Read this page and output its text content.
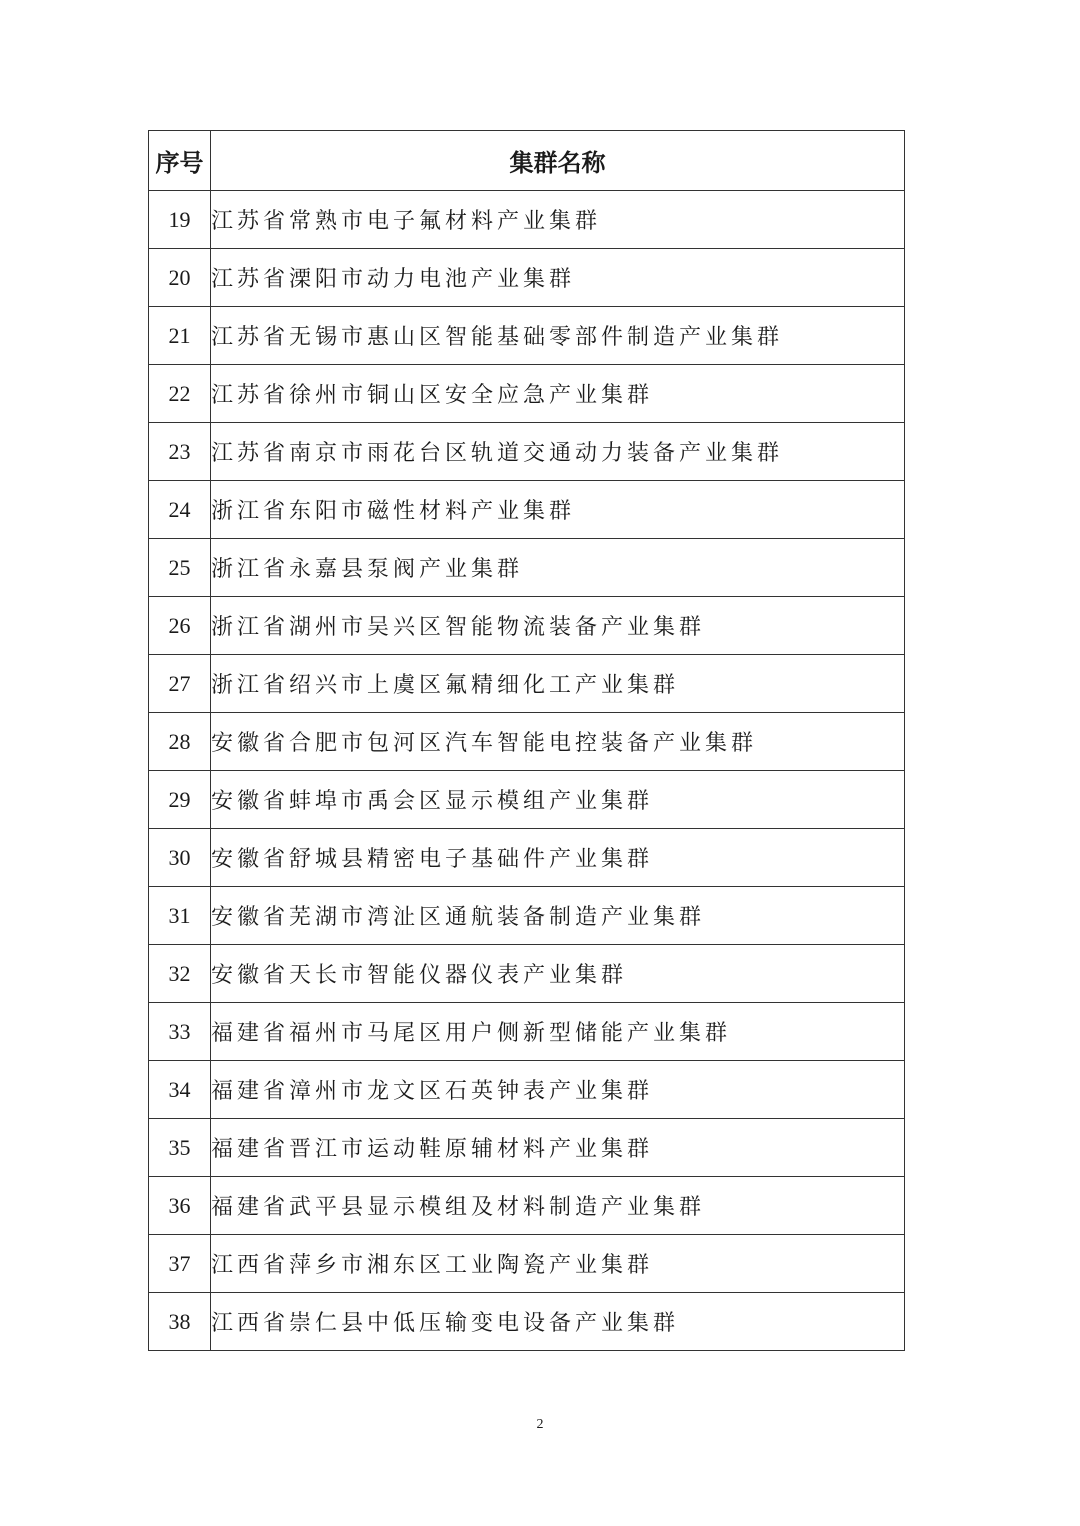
序号	集群名称
19	江苏省常熟市电子氟材料产业集群
20	江苏省溧阳市动力电池产业集群
21	江苏省无锡市惠山区智能基础零部件制造产业集群
22	江苏省徐州市铜山区安全应急产业集群
23	江苏省南京市雨花台区轨道交通动力装备产业集群
24	浙江省东阳市磁性材料产业集群
25	浙江省永嘉县泵阀产业集群
26	浙江省湖州市吴兴区智能物流装备产业集群
27	浙江省绍兴市上虞区氟精细化工产业集群
28	安徽省合肥市包河区汽车智能电控装备产业集群
29	安徽省蚌埠市禹会区显示模组产业集群
30	安徽省舒城县精密电子基础件产业集群
31	安徽省芜湖市湾沚区通航装备制造产业集群
32	安徽省天长市智能仪器仪表产业集群
33	福建省福州市马尾区用户侧新型储能产业集群
34	福建省漳州市龙文区石英钟表产业集群
35	福建省晋江市运动鞋原辅材料产业集群
36	福建省武平县显示模组及材料制造产业集群
37	江西省萍乡市湘东区工业陶瓷产业集群
38	江西省崇仁县中低压输变电设备产业集群
2
